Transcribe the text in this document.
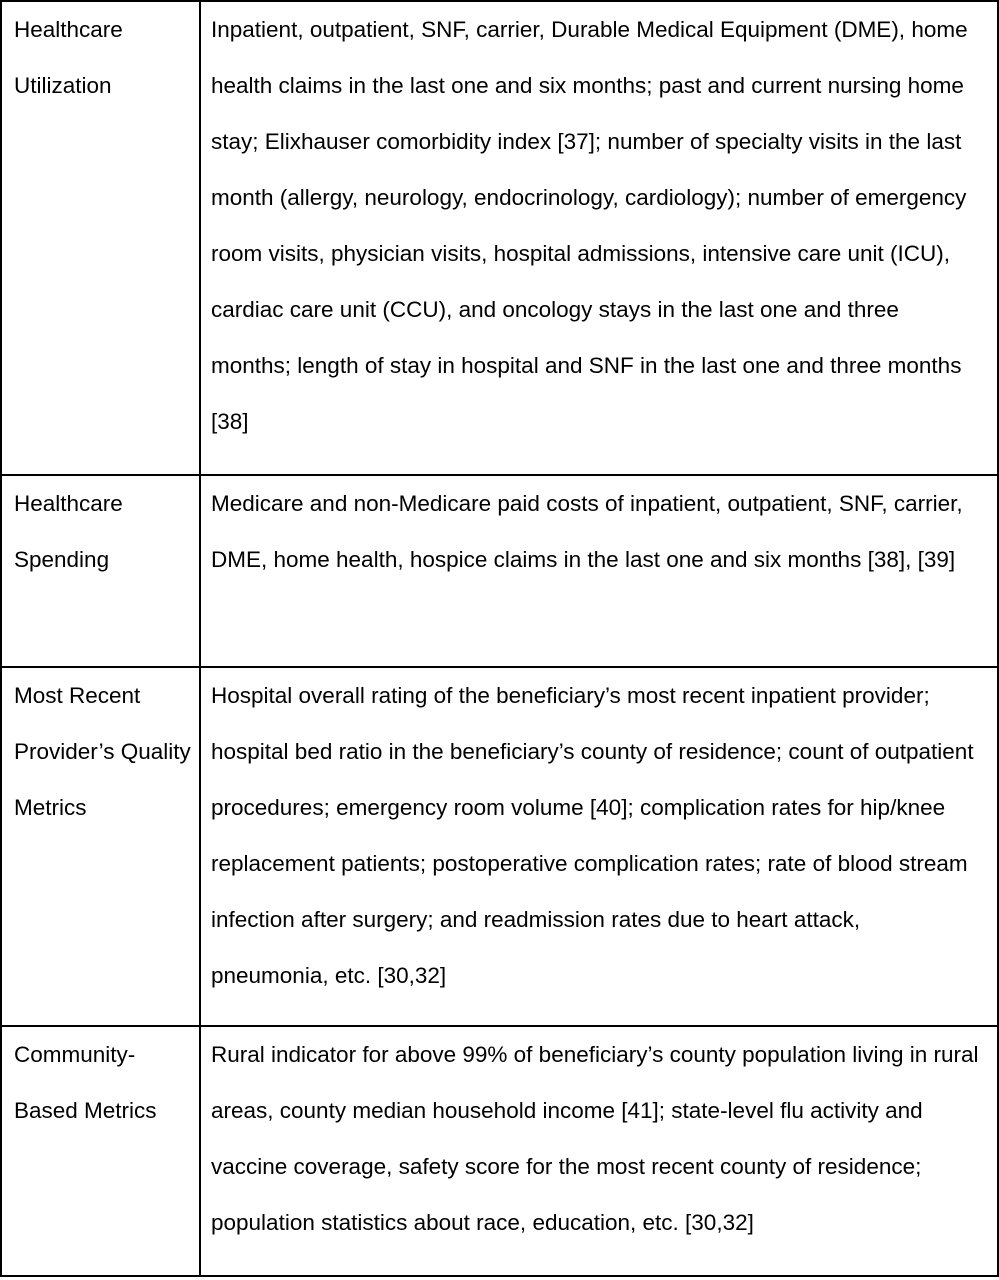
Healthcare Utilization	Inpatient, outpatient, SNF, carrier, Durable Medical Equipment (DME), home health claims in the last one and six months; past and current nursing home stay; Elixhauser comorbidity index [37]; number of specialty visits in the last month (allergy, neurology, endocrinology, cardiology); number of emergency room visits, physician visits, hospital admissions, intensive care unit (ICU), cardiac care unit (CCU), and oncology stays in the last one and three months; length of stay in hospital and SNF in the last one and three months [38]

Healthcare Spending	Medicare and non-Medicare paid costs of inpatient, outpatient, SNF, carrier, DME, home health, hospice claims in the last one and six months [38], [39]

Most Recent Provider’s Quality Metrics	Hospital overall rating of the beneficiary’s most recent inpatient provider; hospital bed ratio in the beneficiary’s county of residence; count of outpatient procedures; emergency room volume [40]; complication rates for hip/knee replacement patients; postoperative complication rates; rate of blood stream infection after surgery; and readmission rates due to heart attack, pneumonia, etc. [30,32]

Community-Based Metrics	Rural indicator for above 99% of beneficiary’s county population living in rural areas, county median household income [41]; state-level flu activity and vaccine coverage, safety score for the most recent county of residence; population statistics about race, education, etc. [30,32]
